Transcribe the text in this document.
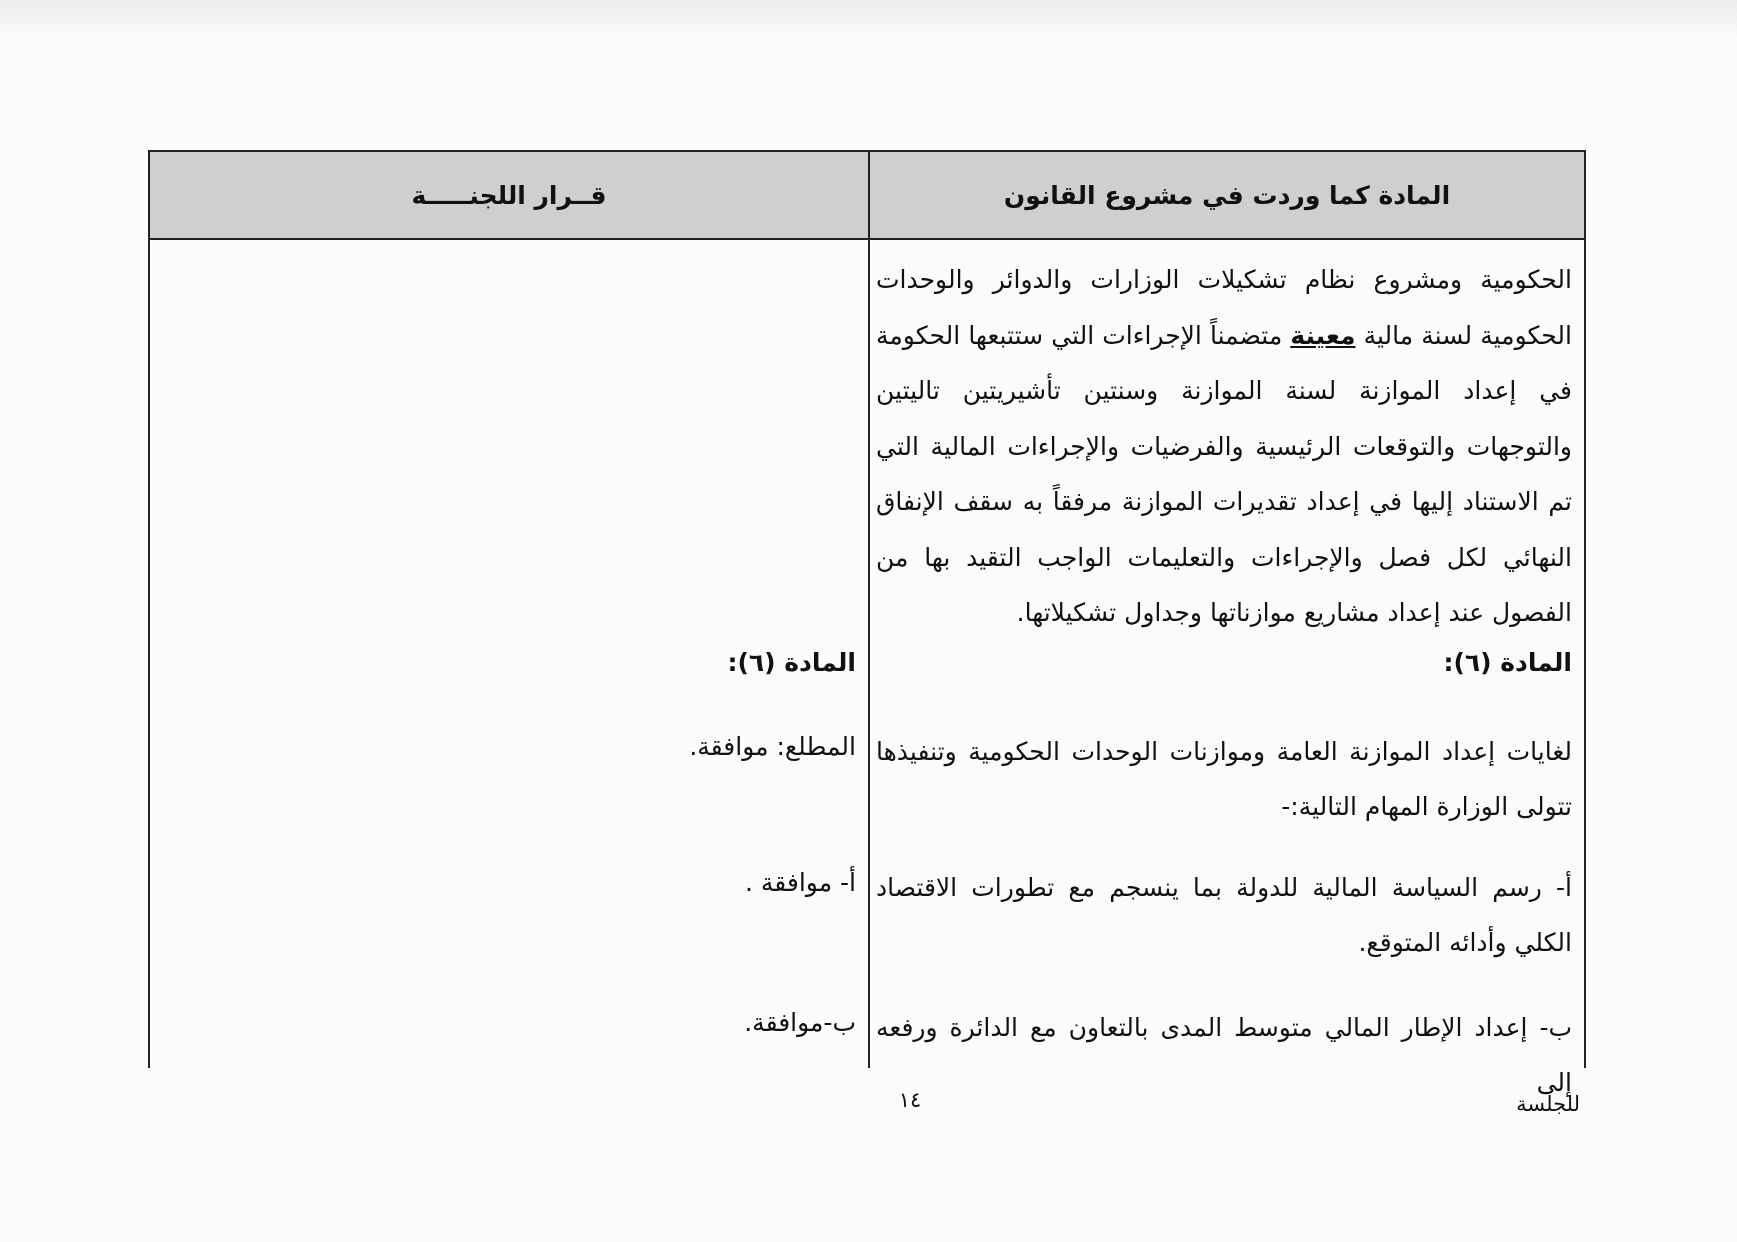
قــرار اللجنـــــة	المادة كما وردت في مشروع القانون
الحكومية ومشروع نظام تشكيلات الوزارات والدوائر والوحدات الحكومية لسنة مالية معينة متضمناً الإجراءات التي ستتبعها الحكومة في إعداد الموازنة لسنة الموازنة وسنتين تأشيريتين تاليتين والتوجهات والتوقعات الرئيسية والفرضيات والإجراءات المالية التي تم الاستناد إليها في إعداد تقديرات الموازنة مرفقاً به سقف الإنفاق النهائي لكل فصل والإجراءات والتعليمات الواجب التقيد بها من الفصول عند إعداد مشاريع موازناتها وجداول تشكيلاتها.
المادة (٦):
لغايات إعداد الموازنة العامة وموازنات الوحدات الحكومية وتنفيذها تتولى الوزارة المهام التالية:-
أ- رسم السياسة المالية للدولة بما ينسجم مع تطورات الاقتصاد الكلي وأدائه المتوقع.
ب- إعداد الإطار المالي متوسط المدى بالتعاون مع الدائرة ورفعه إلى
المادة (٦):
المطلع: موافقة.
أ- موافقة .
ب-موافقة.
١٤	للجلسة
